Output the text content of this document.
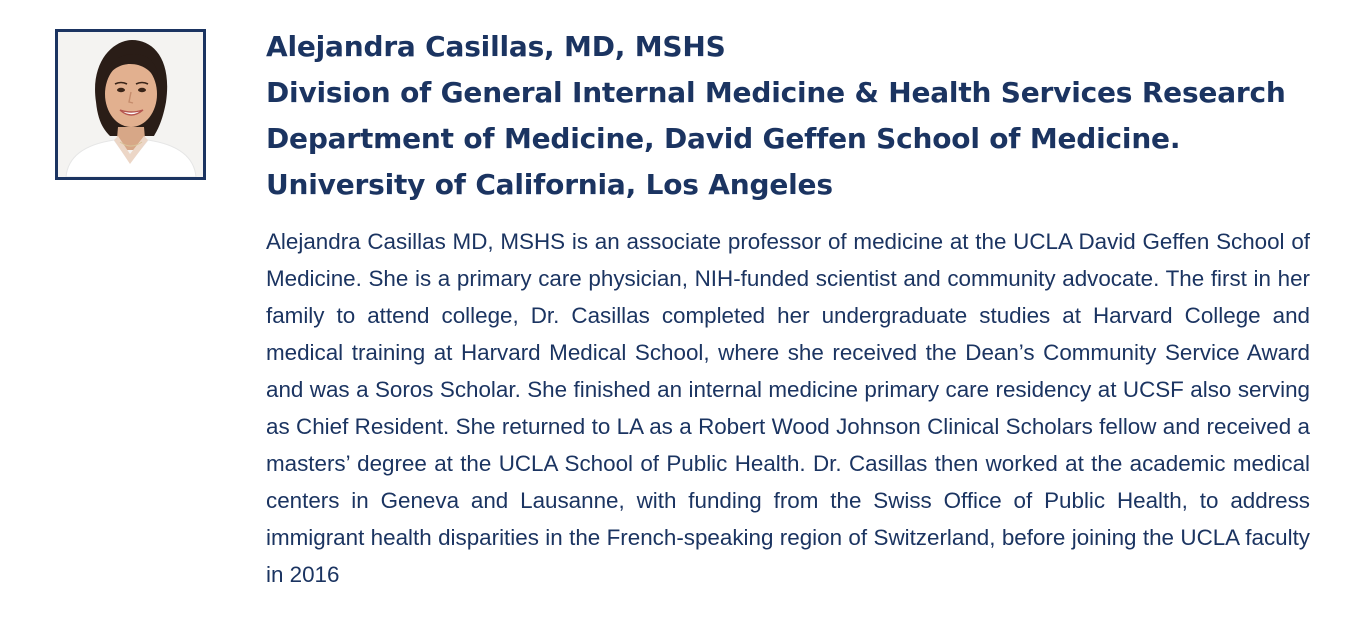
Alejandra Casillas, MD, MSHS
Division of General Internal Medicine & Health Services Research
Department of Medicine, David Geffen School of Medicine.
University of California, Los Angeles

Alejandra Casillas MD, MSHS is an associate professor of medicine at the UCLA David Geffen School of Medicine. She is a primary care physician, NIH-funded scientist and community advocate. The first in her family to attend college, Dr. Casillas completed her undergraduate studies at Harvard College and medical training at Harvard Medical School, where she received the Dean’s Community Service Award and was a Soros Scholar. She finished an internal medicine primary care residency at UCSF also serving as Chief Resident. She returned to LA as a Robert Wood Johnson Clinical Scholars fellow and received a masters’ degree at the UCLA School of Public Health. Dr. Casillas then worked at the academic medical centers in Geneva and Lausanne, with funding from the Swiss Office of Public Health, to address immigrant health disparities in the French-speaking region of Switzerland, before joining the UCLA faculty in 2016
